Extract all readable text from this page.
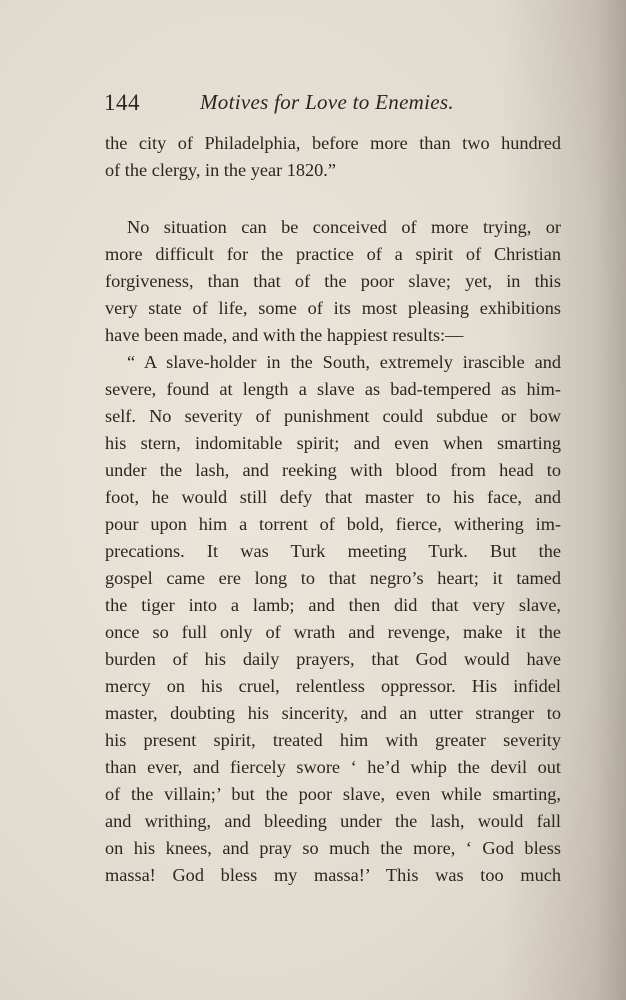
144	Motives for Love to Enemies.
the city of Philadelphia, before more than two hundred
of the clergy, in the year 1820.”
No situation can be conceived of more trying, or
more difficult for the practice of a spirit of Christian
forgiveness, than that of the poor slave; yet, in this
very state of life, some of its most pleasing exhibitions
have been made, and with the happiest results:—
“ A slave-holder in the South, extremely irascible and
severe, found at length a slave as bad-tempered as him-
self. No severity of punishment could subdue or bow
his stern, indomitable spirit; and even when smarting
under the lash, and reeking with blood from head to
foot, he would still defy that master to his face, and
pour upon him a torrent of bold, fierce, withering im-
precations. It was Turk meeting Turk. But the
gospel came ere long to that negro’s heart; it tamed
the tiger into a lamb; and then did that very slave,
once so full only of wrath and revenge, make it the
burden of his daily prayers, that God would have
mercy on his cruel, relentless oppressor. His infidel
master, doubting his sincerity, and an utter stranger to
his present spirit, treated him with greater severity
than ever, and fiercely swore ‘ he’d whip the devil out
of the villain;’ but the poor slave, even while smarting,
and writhing, and bleeding under the lash, would fall
on his knees, and pray so much the more, ‘ God bless
massa! God bless my massa!’ This was too much
